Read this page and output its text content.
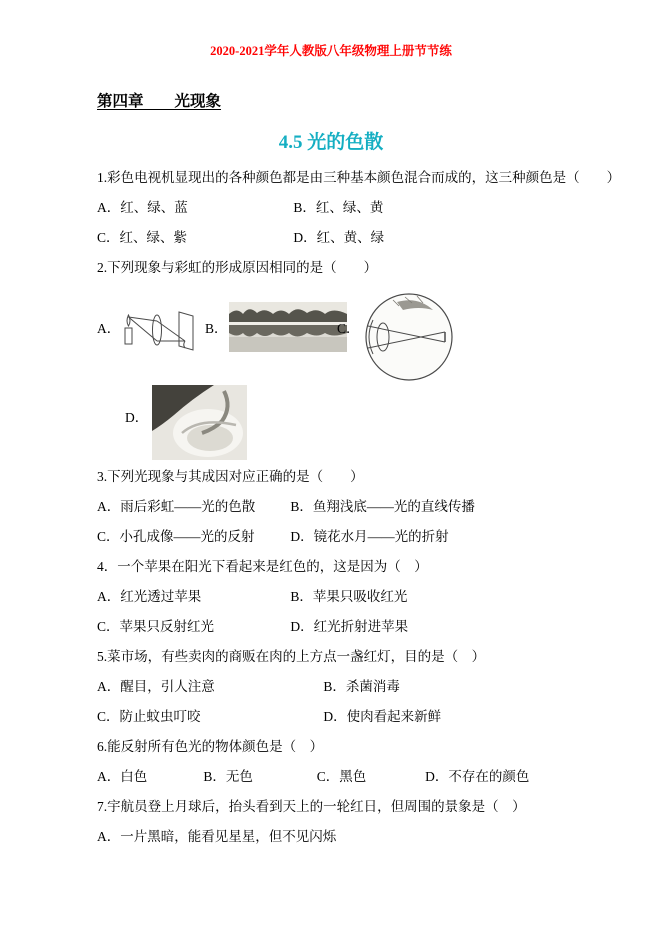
2020-2021学年人教版八年级物理上册节节练
第四章　　光现象
4.5 光的色散
1.彩色电视机显现出的各种颜色都是由三种基本颜色混合而成的，这三种颜色是（　　）
A．红、绿、蓝	B．红、绿、黄
C．红、绿、紫	D．红、黄、绿
2.下列现象与彩虹的形成原因相同的是（　　）
A．	B．	C．
D．
3.下列光现象与其成因对应正确的是（　　）
A．雨后彩虹——光的色散	B．鱼翔浅底——光的直线传播
C．小孔成像——光的反射	D．镜花水月——光的折射
4．一个苹果在阳光下看起来是红色的，这是因为（　）
A．红光透过苹果	B．苹果只吸收红光
C．苹果只反射红光	D．红光折射进苹果
5.菜市场，有些卖肉的商贩在肉的上方点一盏红灯，目的是（　）
A．醒目，引人注意	B．杀菌消毒
C．防止蚊虫叮咬	D．使肉看起来新鲜
6.能反射所有色光的物体颜色是（　）
A．白色	B．无色	C．黑色	D．不存在的颜色
7.宇航员登上月球后，抬头看到天上的一轮红日，但周围的景象是（　）
A．一片黑暗，能看见星星，但不见闪烁
